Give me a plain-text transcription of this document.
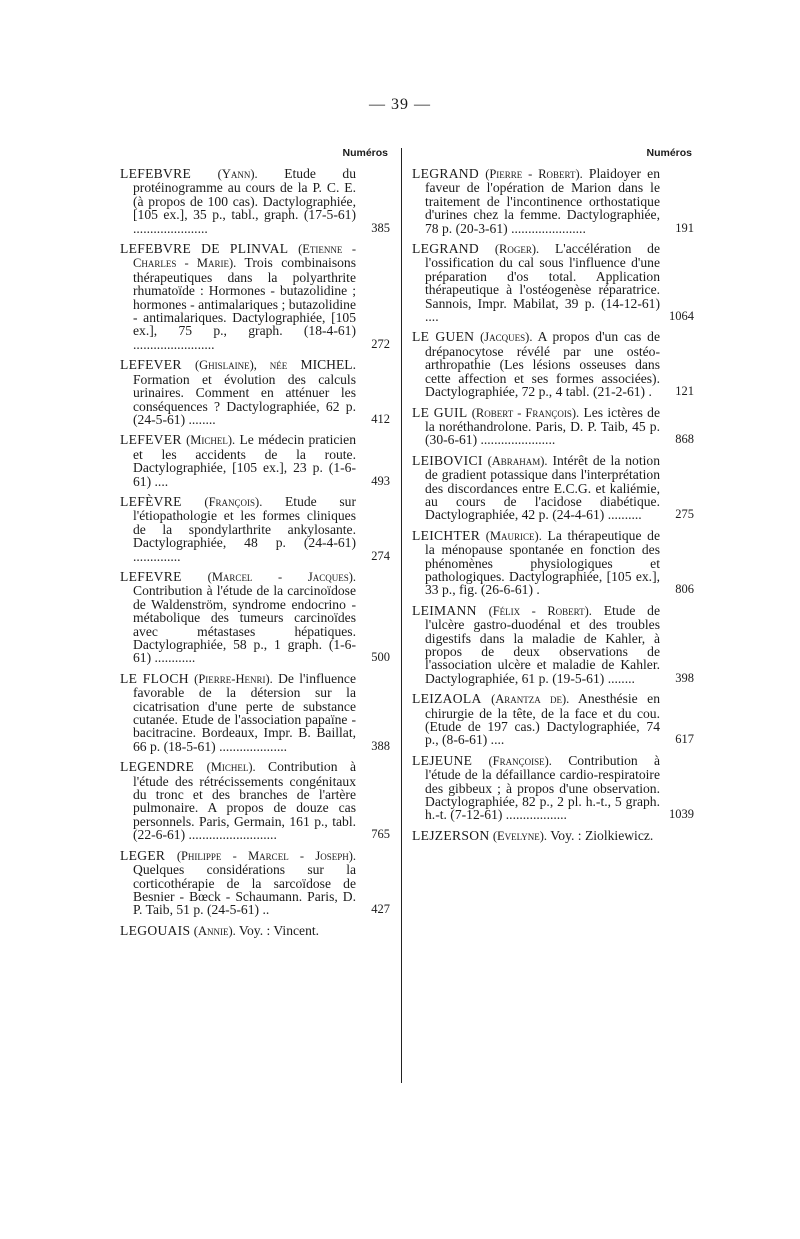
— 39 —
Numéros
LEFEBVRE (Yann). Etude du protéinogramme au cours de la P. C. E. (à propos de 100 cas). Dactylographiée, [105 ex.], 35 p., tabl., graph. (17-5-61) ......................	385
LEFEBVRE DE PLINVAL (Etienne - Charles - Marie). Trois combinaisons thérapeutiques dans la polyarthrite rhumatoïde : Hormones - butazolidine ; hormones - antimalariques ; butazolidine - antimalariques. Dactylographiée, [105 ex.], 75 p., graph. (18-4-61) ........................	272
LEFEVER (Ghislaine), née MICHEL. Formation et évolution des calculs urinaires. Comment en atténuer les conséquences ? Dactylographiée, 62 p. (24-5-61) ........	412
LEFEVER (Michel). Le médecin praticien et les accidents de la route. Dactylographiée, [105 ex.], 23 p. (1-6-61) ....	493
LEFÈVRE (François). Etude sur l'étiopathologie et les formes cliniques de la spondylarthrite ankylosante. Dactylographiée, 48 p. (24-4-61) ..............	274
LEFEVRE (Marcel - Jacques). Contribution à l'étude de la carcinoïdose de Waldenström, syndrome endocrino - métabolique des tumeurs carcinoïdes avec métastases hépatiques. Dactylographiée, 58 p., 1 graph. (1-6-61) ............	500
LE FLOCH (Pierre-Henri). De l'influence favorable de la détersion sur la cicatrisation d'une perte de substance cutanée. Etude de l'association papaïne - bacitracine. Bordeaux, Impr. B. Baillat, 66 p. (18-5-61) ....................	388
LEGENDRE (Michel). Contribution à l'étude des rétrécissements congénitaux du tronc et des branches de l'artère pulmonaire. A propos de douze cas personnels. Paris, Germain, 161 p., tabl. (22-6-61) ..........................	765
LEGER (Philippe - Marcel - Joseph). Quelques considérations sur la corticothérapie de la sarcoïdose de Besnier - Bœck - Schaumann. Paris, D. P. Taib, 51 p. (24-5-61) ..	427
LEGOUAIS (Annie). Voy. : Vincent.
Numéros
LEGRAND (Pierre - Robert). Plaidoyer en faveur de l'opération de Marion dans le traitement de l'incontinence orthostatique d'urines chez la femme. Dactylographiée, 78 p. (20-3-61) ......................	191
LEGRAND (Roger). L'accélération de l'ossification du cal sous l'influence d'une préparation d'os total. Application thérapeutique à l'ostéogenèse réparatrice. Sannois, Impr. Mabilat, 39 p. (14-12-61) ....	1064
LE GUEN (Jacques). A propos d'un cas de drépanocytose révélé par une ostéo-arthropathie (Les lésions osseuses dans cette affection et ses formes associées). Dactylographiée, 72 p., 4 tabl. (21-2-61) . 121
LE GUIL (Robert - François). Les ictères de la noréthandrolone. Paris, D. P. Taib, 45 p. (30-6-61) ......................	868
LEIBOVICI (Abraham). Intérêt de la notion de gradient potassique dans l'interprétation des discordances entre E.C.G. et kaliémie, au cours de l'acidose diabétique. Dactylographiée, 42 p. (24-4-61) ..........	275
LEICHTER (Maurice). La thérapeutique de la ménopause spontanée en fonction des phénomènes physiologiques et pathologiques. Dactylographiée, [105 ex.], 33 p., fig. (26-6-61) .	806
LEIMANN (Félix - Robert). Etude de l'ulcère gastro-duodénal et des troubles digestifs dans la maladie de Kahler, à propos de deux observations de l'association ulcère et maladie de Kahler. Dactylographiée, 61 p. (19-5-61) ........	398
LEIZAOLA (Arantza de). Anesthésie en chirurgie de la tête, de la face et du cou. (Etude de 197 cas.) Dactylographiée, 74 p., (8-6-61) ....	617
LEJEUNE (Françoise). Contribution à l'étude de la défaillance cardio-respiratoire des gibbeux ; à propos d'une observation. Dactylographiée, 82 p., 2 pl. h.-t., 5 graph. h.-t. (7-12-61) ..................	1039
LEJZERSON (Evelyne). Voy. : Ziolkiewicz.
